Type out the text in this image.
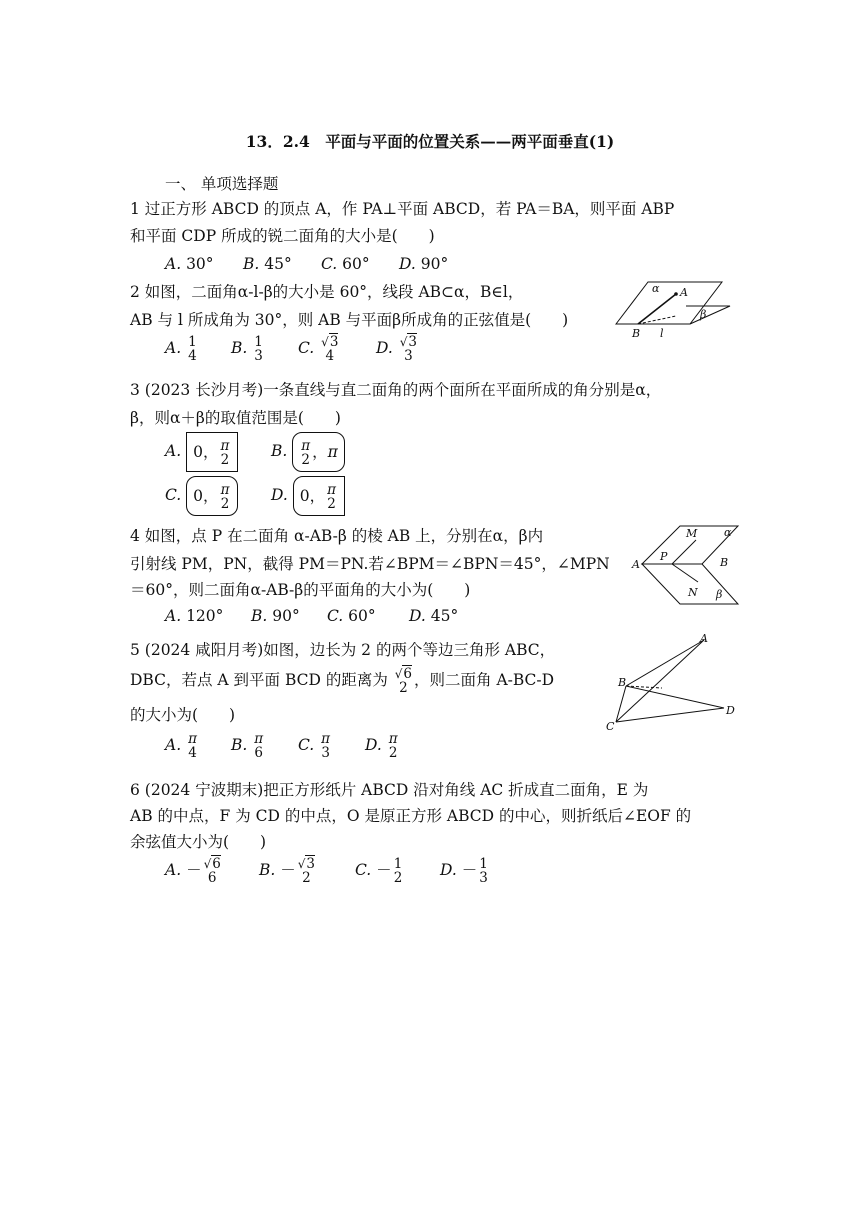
13．2.4　平面与平面的位置关系——两平面垂直(1)
一、 单项选择题
1 过正方形 ABCD 的顶点 A，作 PA⊥平面 ABCD，若 PA＝BA，则平面 ABP
和平面 CDP 所成的锐二面角的大小是(　　)
A. 30° B. 45° C. 60° D. 90°
2 如图，二面角α-l-β的大小是 60°，线段 AB⊂α，B∈l，
AB 与 l 所成角为 30°，则 AB 与平面β所成角的正弦值是(　　)
α A
β
B l
A. 1
4 B. 1
3 C. √3
4	D. √3
3
3 (2023 长沙月考)一条直线与直二面角的两个面所在平面所成的角分别是α，
β，则α＋β的取值范围是(　　)
A. 0， π
2	B. π
2 ，π
C. 0， π
2	D. 0， π
2
4 如图，点 P 在二面角 α-AB-β 的棱 AB 上，分别在α，β内
引射线 PM，PN，截得 PM＝PN.若∠BPM＝∠BPN＝45°，∠MPN
＝60°，则二面角α-AB-β的平面角的大小为(　　)
α
M
P
A	B
N β
A. 120° B. 90° C. 60° D. 45°
5 (2024 咸阳月考)如图，边长为 2 的两个等边三角形 ABC，
DBC，若点 A 到平面 BCD 的距离为 √6
2 ，则二面角 A-BC-D
的大小为(　　)
A
B
C
D
A. π
4 B. π
6 C. π
3 D. π
2
6 (2024 宁波期末)把正方形纸片 ABCD 沿对角线 AC 折成直二面角，E 为
AB 的中点，F 为 CD 的中点，O 是原正方形 ABCD 的中心，则折纸后∠EOF 的
余弦值大小为(　　)
A. － √6
6	B. － √3
2	C. － 1
2 D. － 1
3
